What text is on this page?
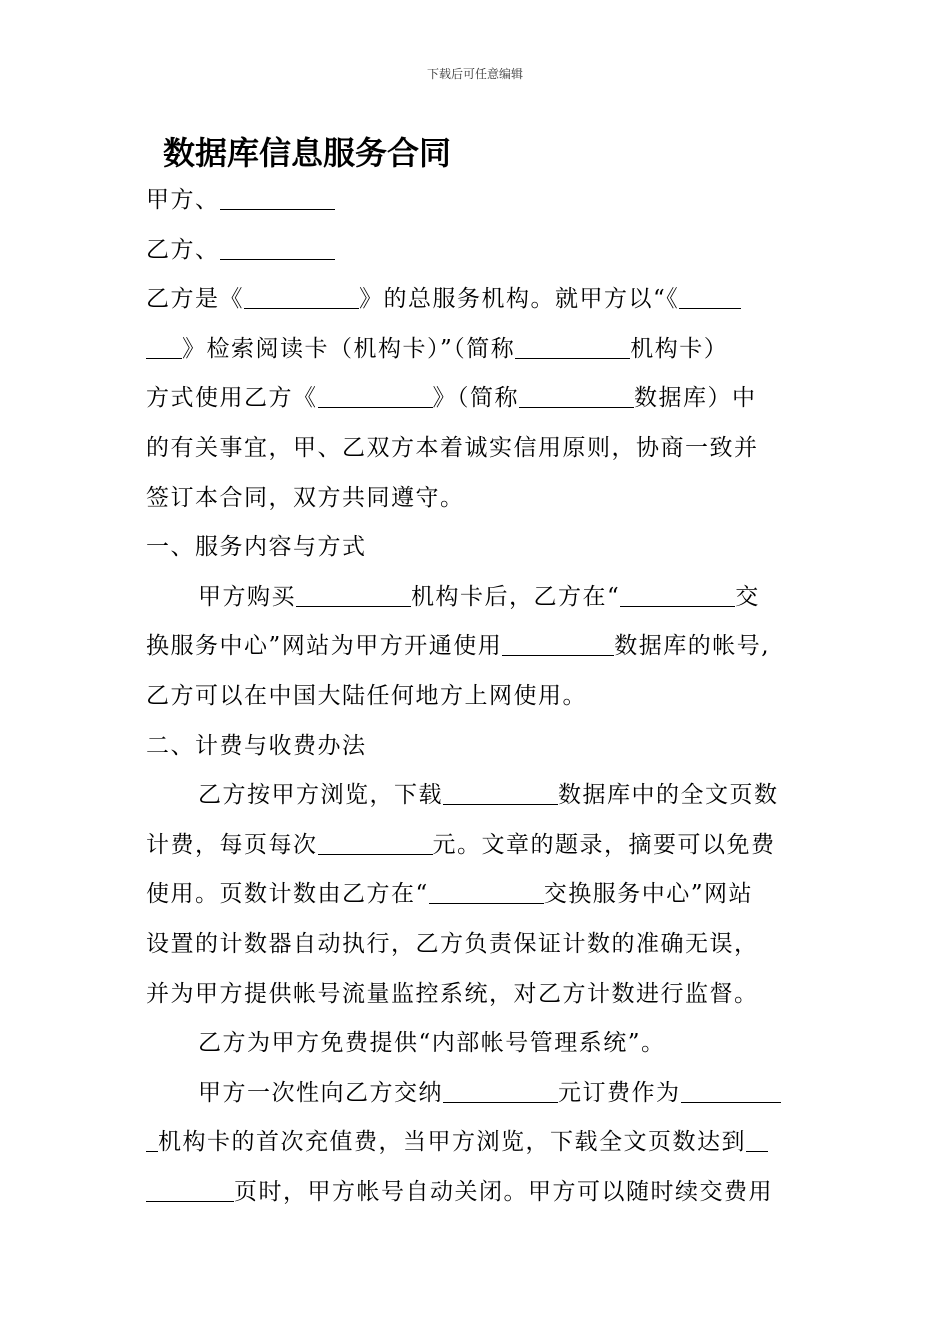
下载后可任意编辑
数据库信息服务合同
甲方、
乙方、
乙方是《	》的总服务机构。就甲方以“《
》检索阅读卡（机构卡）”（简称	机构卡）
方式使用乙方《	》（简称	数据库）中
的有关事宜，甲、乙双方本着诚实信用原则，协商一致并
签订本合同，双方共同遵守。
一、服务内容与方式
甲方购买	机构卡后，乙方在“	交
换服务中心”网站为甲方开通使用	数据库的帐号,
乙方可以在中国大陆任何地方上网使用。
二、计费与收费办法
乙方按甲方浏览，下载	数据库中的全文页数
计费，每页每次	元。文章的题录，摘要可以免费
使用。页数计数由乙方在“	交换服务中心”网站
设置的计数器自动执行，乙方负责保证计数的准确无误，
并为甲方提供帐号流量监控系统，对乙方计数进行监督。
乙方为甲方免费提供“内部帐号管理系统”。
甲方一次性向乙方交纳	元订费作为
机构卡的首次充值费，当甲方浏览，下载全文页数达到
页时，甲方帐号自动关闭。甲方可以随时续交费用
